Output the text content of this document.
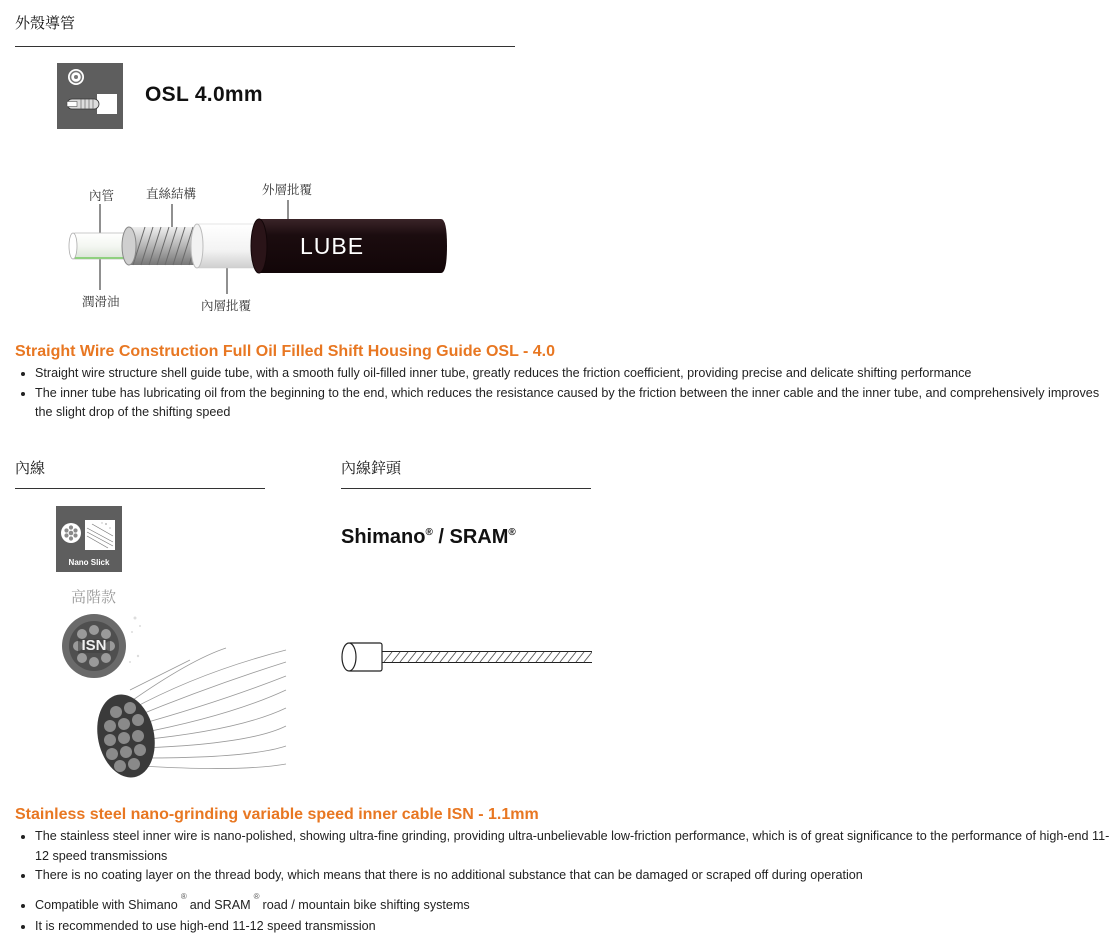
外殼導管
OSL 4.0mm
內管	直絲結構	外層批覆
潤滑油	內層批覆
LUBE
Straight Wire Construction Full Oil Filled Shift Housing Guide OSL - 4.0
• Straight wire structure shell guide tube, with a smooth fully oil-filled inner tube, greatly reduces the friction coefficient, providing precise and delicate shifting performance
• The inner tube has lubricating oil from the beginning to the end, which reduces the resistance caused by the friction between the inner cable and the inner tube, and comprehensively improves the slight drop of the shifting speed
內線
Nano Slick
高階款
ISN
內線鋅頭
Shimano® / SRAM®
Stainless steel nano-grinding variable speed inner cable ISN - 1.1mm
• The stainless steel inner wire is nano-polished, showing ultra-fine grinding, providing ultra-unbelievable low-friction performance, which is of great significance to the performance of high-end 11-12 speed transmissions
• There is no coating layer on the thread body, which means that there is no additional substance that can be damaged or scraped off during operation
• Compatible with Shimano®and SRAM®road / mountain bike shifting systems
• It is recommended to use high-end 11-12 speed transmission
